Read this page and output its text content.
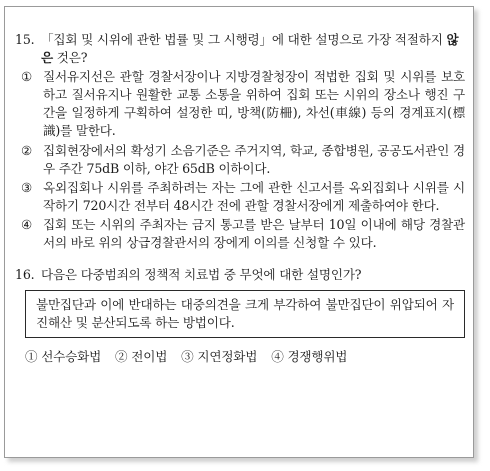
15. 「집회 및 시위에 관한 법률 및 그 시행령」에 대한 설명으로 가장 적절하지 않은 것은?
① 질서유지선은 관할 경찰서장이나 지방경찰청장이 적법한 집회 및 시위를 보호하고 질서유지나 원활한 교통 소통을 위하여 집회 또는 시위의 장소나 행진 구간을 일정하게 구획하여 설정한 띠, 방책(防柵), 차선(車線) 등의 경계표지(標識)를 말한다.
② 집회현장에서의 확성기 소음기준은 주거지역, 학교, 종합병원, 공공도서관인 경우 주간 75dB 이하, 야간 65dB 이하이다.
③ 옥외집회나 시위를 주최하려는 자는 그에 관한 신고서를 옥외집회나 시위를 시작하기 720시간 전부터 48시간 전에 관할 경찰서장에게 제출하여야 한다.
④ 집회 또는 시위의 주최자는 금지 통고를 받은 날부터 10일 이내에 해당 경찰관서의 바로 위의 상급경찰관서의 장에게 이의를 신청할 수 있다.
16. 다음은 다중범죄의 정책적 치료법 중 무엇에 대한 설명인가?
불만집단과 이에 반대하는 대중의견을 크게 부각하여 불만집단이 위압되어 자진해산 및 분산되도록 하는 방법이다.
① 선수승화법 ② 전이법 ③ 지연정화법 ④ 경쟁행위법
